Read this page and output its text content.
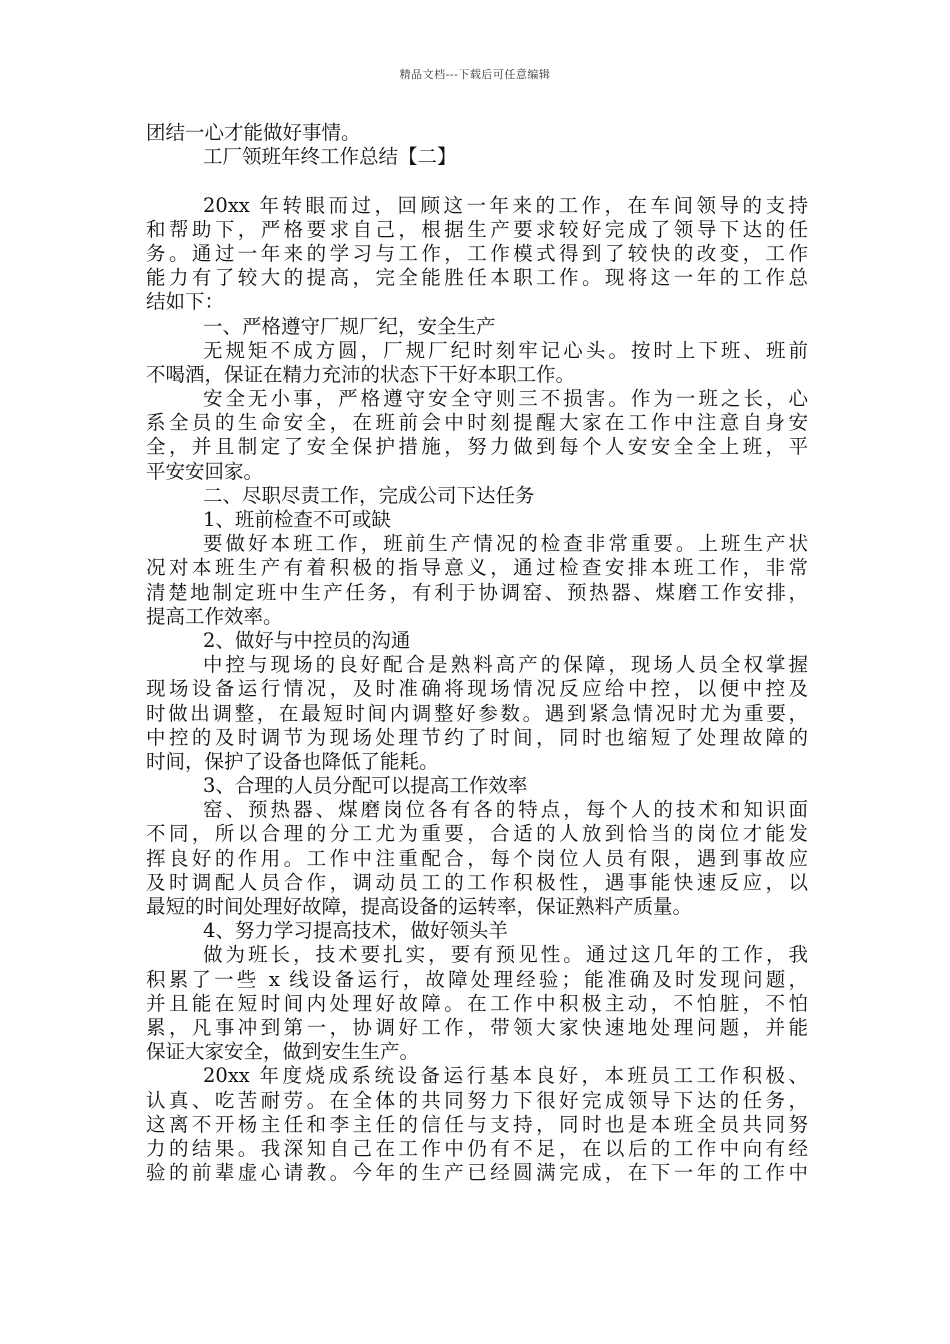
精品文档---下载后可任意编辑
团结一心才能做好事情。
工厂领班年终工作总结【二】
20xx 年转眼而过，回顾这一年来的工作，在车间领导的支持
和帮助下，严格要求自己，根据生产要求较好完成了领导下达的任
务。通过一年来的学习与工作，工作模式得到了较快的改变，工作
能力有了较大的提高，完全能胜任本职工作。现将这一年的工作总
结如下：
一、严格遵守厂规厂纪，安全生产
无规矩不成方圆，厂规厂纪时刻牢记心头。按时上下班、班前
不喝酒，保证在精力充沛的状态下干好本职工作。
安全无小事，严格遵守安全守则三不损害。作为一班之长，心
系全员的生命安全，在班前会中时刻提醒大家在工作中注意自身安
全，并且制定了安全保护措施，努力做到每个人安安全全上班，平
平安安回家。
二、尽职尽责工作，完成公司下达任务
1、班前检查不可或缺
要做好本班工作，班前生产情况的检查非常重要。上班生产状
况对本班生产有着积极的指导意义，通过检查安排本班工作，非常
清楚地制定班中生产任务，有利于协调窑、预热器、煤磨工作安排，
提高工作效率。
2、做好与中控员的沟通
中控与现场的良好配合是熟料高产的保障，现场人员全权掌握
现场设备运行情况，及时准确将现场情况反应给中控，以便中控及
时做出调整，在最短时间内调整好参数。遇到紧急情况时尤为重要，
中控的及时调节为现场处理节约了时间，同时也缩短了处理故障的
时间，保护了设备也降低了能耗。
3、合理的人员分配可以提高工作效率
窑、预热器、煤磨岗位各有各的特点，每个人的技术和知识面
不同，所以合理的分工尤为重要，合适的人放到恰当的岗位才能发
挥良好的作用。工作中注重配合，每个岗位人员有限，遇到事故应
及时调配人员合作，调动员工的工作积极性，遇事能快速反应，以
最短的时间处理好故障，提高设备的运转率，保证熟料产质量。
4、努力学习提高技术，做好领头羊
做为班长，技术要扎实，要有预见性。通过这几年的工作，我
积累了一些 x 线设备运行，故障处理经验；能准确及时发现问题，
并且能在短时间内处理好故障。在工作中积极主动，不怕脏，不怕
累，凡事冲到第一，协调好工作，带领大家快速地处理问题，并能
保证大家安全，做到安生生产。
20xx 年度烧成系统设备运行基本良好，本班员工工作积极、
认真、吃苦耐劳。在全体的共同努力下很好完成领导下达的任务，
这离不开杨主任和李主任的信任与支持，同时也是本班全员共同努
力的结果。我深知自己在工作中仍有不足，在以后的工作中向有经
验的前辈虚心请教。今年的生产已经圆满完成，在下一年的工作中
